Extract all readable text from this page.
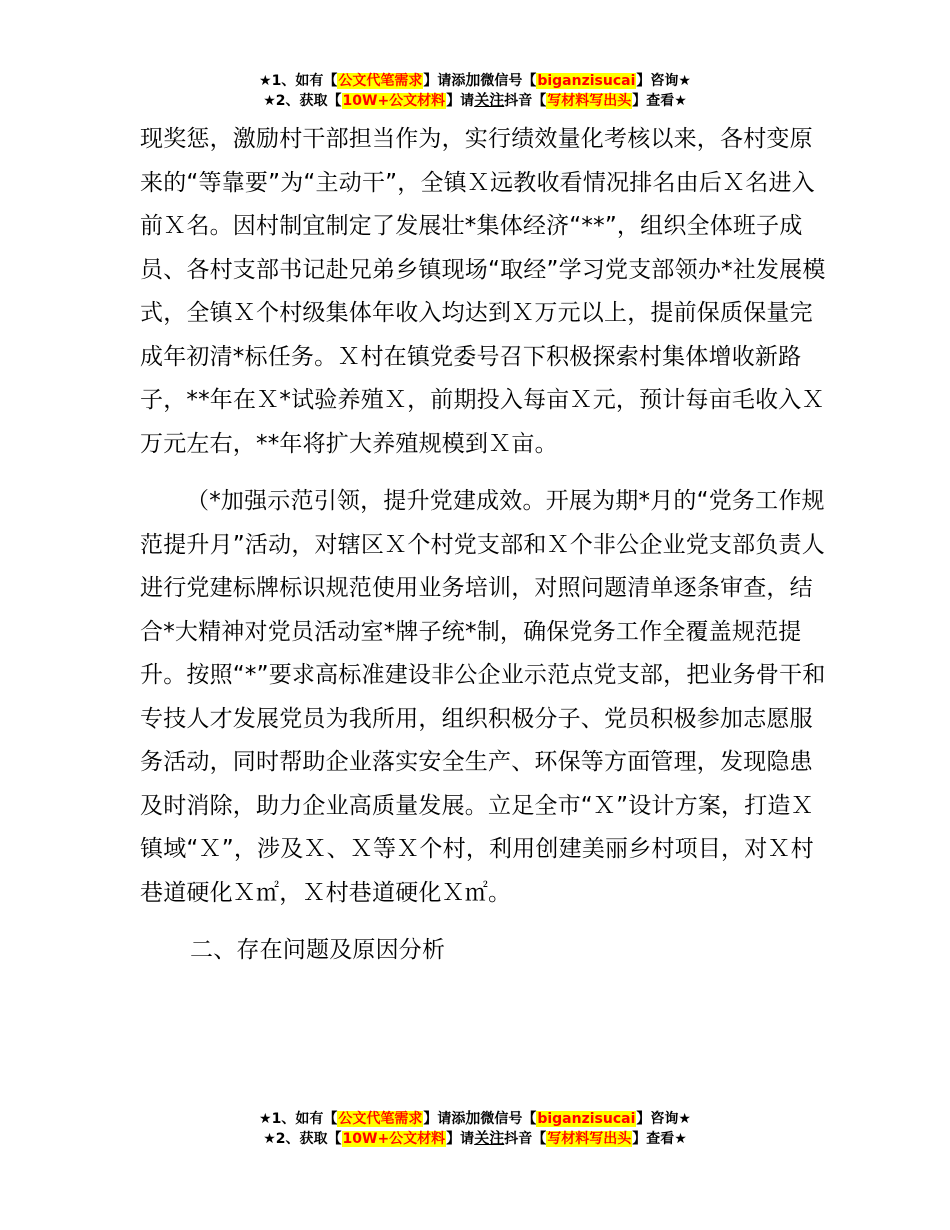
★1、如有【公文代笔需求】请添加微信号【biganzisucai】咨询★
★2、获取【10W+公文材料】请关注抖音【写材料写出头】查看★

现奖惩，激励村干部担当作为，实行绩效量化考核以来，各村变原来的“等靠要”为“主动干”，全镇Ｘ远教收看情况排名由后Ｘ名进入前Ｘ名。因村制宜制定了发展壮*集体经济“**”，组织全体班子成员、各村支部书记赴兄弟乡镇现场“取经”学习党支部领办*社发展模式，全镇Ｘ个村级集体年收入均达到Ｘ万元以上，提前保质保量完成年初清*标任务。Ｘ村在镇党委号召下积极探索村集体增收新路子，**年在Ｘ*试验养殖Ｘ，前期投入每亩Ｘ元，预计每亩毛收入Ｘ万元左右，**年将扩大养殖规模到Ｘ亩。

（*加强示范引领，提升党建成效。开展为期*月的“党务工作规范提升月”活动，对辖区Ｘ个村党支部和Ｘ个非公企业党支部负责人进行党建标牌标识规范使用业务培训，对照问题清单逐条审查，结合*大精神对党员活动室*牌子统*制，确保党务工作全覆盖规范提升。按照“*”要求高标准建设非公企业示范点党支部，把业务骨干和专技人才发展党员为我所用，组织积极分子、党员积极参加志愿服务活动，同时帮助企业落实安全生产、环保等方面管理，发现隐患及时消除，助力企业高质量发展。立足全市“Ｘ”设计方案，打造Ｘ镇域“Ｘ”，涉及Ｘ、Ｘ等Ｘ个村，利用创建美丽乡村项目，对Ｘ村巷道硬化Ｘ㎡，Ｘ村巷道硬化Ｘ㎡。

二、存在问题及原因分析

★1、如有【公文代笔需求】请添加微信号【biganzisucai】咨询★
★2、获取【10W+公文材料】请关注抖音【写材料写出头】查看★
